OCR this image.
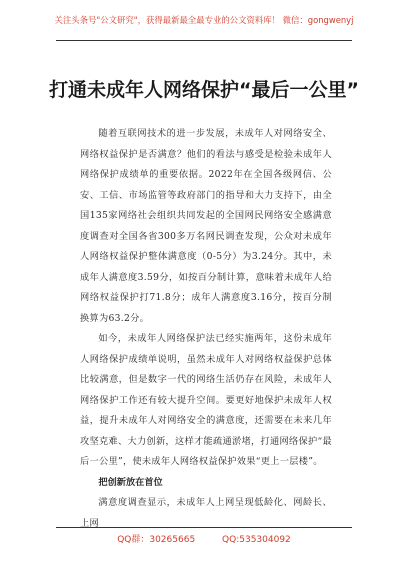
关注头条号"公文研究"，获得最新最全最专业的公文资料库！ 微信：gongwenyj
打通未成年人网络保护“最后一公里”

随着互联网技术的进一步发展，未成年人对网络安全、网络权益保护是否满意？他们的看法与感受是检验未成年人网络保护成绩单的重要依据。2022年在全国各级网信、公安、工信、市场监管等政府部门的指导和大力支持下，由全国135家网络社会组织共同发起的全国网民网络安全感满意度调查对全国各省300多万名网民调查发现，公众对未成年人网络权益保护整体满意度（0-5分）为3.24分。其中，未成年人满意度3.59分，如按百分制计算，意味着未成年人给网络权益保护打71.8分；成年人满意度3.16分，按百分制换算为63.2分。

如今，未成年人网络保护法已经实施两年，这份未成年人网络保护成绩单说明，虽然未成年人对网络权益保护总体比较满意，但是数字一代的网络生活仍存在风险，未成年人网络保护工作还有较大提升空间。要更好地保护未成年人权益，提升未成年人对网络安全的满意度，还需要在未来几年攻坚克难、大力创新，这样才能疏通淤堵，打通网络保护“最后一公里”，使未成年人网络权益保护效果“更上一层楼”。

把创新放在首位

满意度调查显示，未成年人上网呈现低龄化、网龄长、上网

QQ群：30265665	QQ:535304092
